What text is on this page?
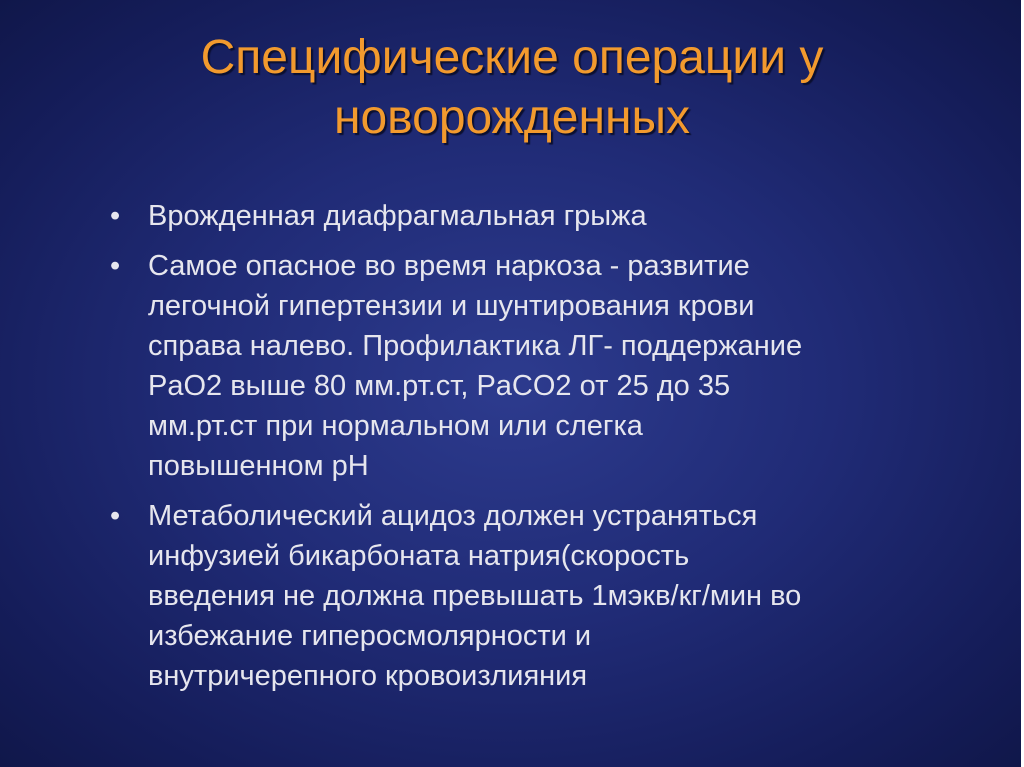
Специфические операции у
новорожденных
• Врожденная диафрагмальная грыжа
• Самое опасное во время наркоза - развитие
легочной гипертензии и шунтирования крови
справа налево. Профилактика ЛГ- поддержание
PaO2 выше 80 мм.рт.ст, PaCO2 от 25 до 35
мм.рт.ст при нормальном или слегка
повышенном pH
• Метаболический ацидоз должен устраняться
инфузией бикарбоната натрия(скорость
введения не должна превышать 1мэкв/кг/мин во
избежание гиперосмолярности и
внутричерепного кровоизлияния
